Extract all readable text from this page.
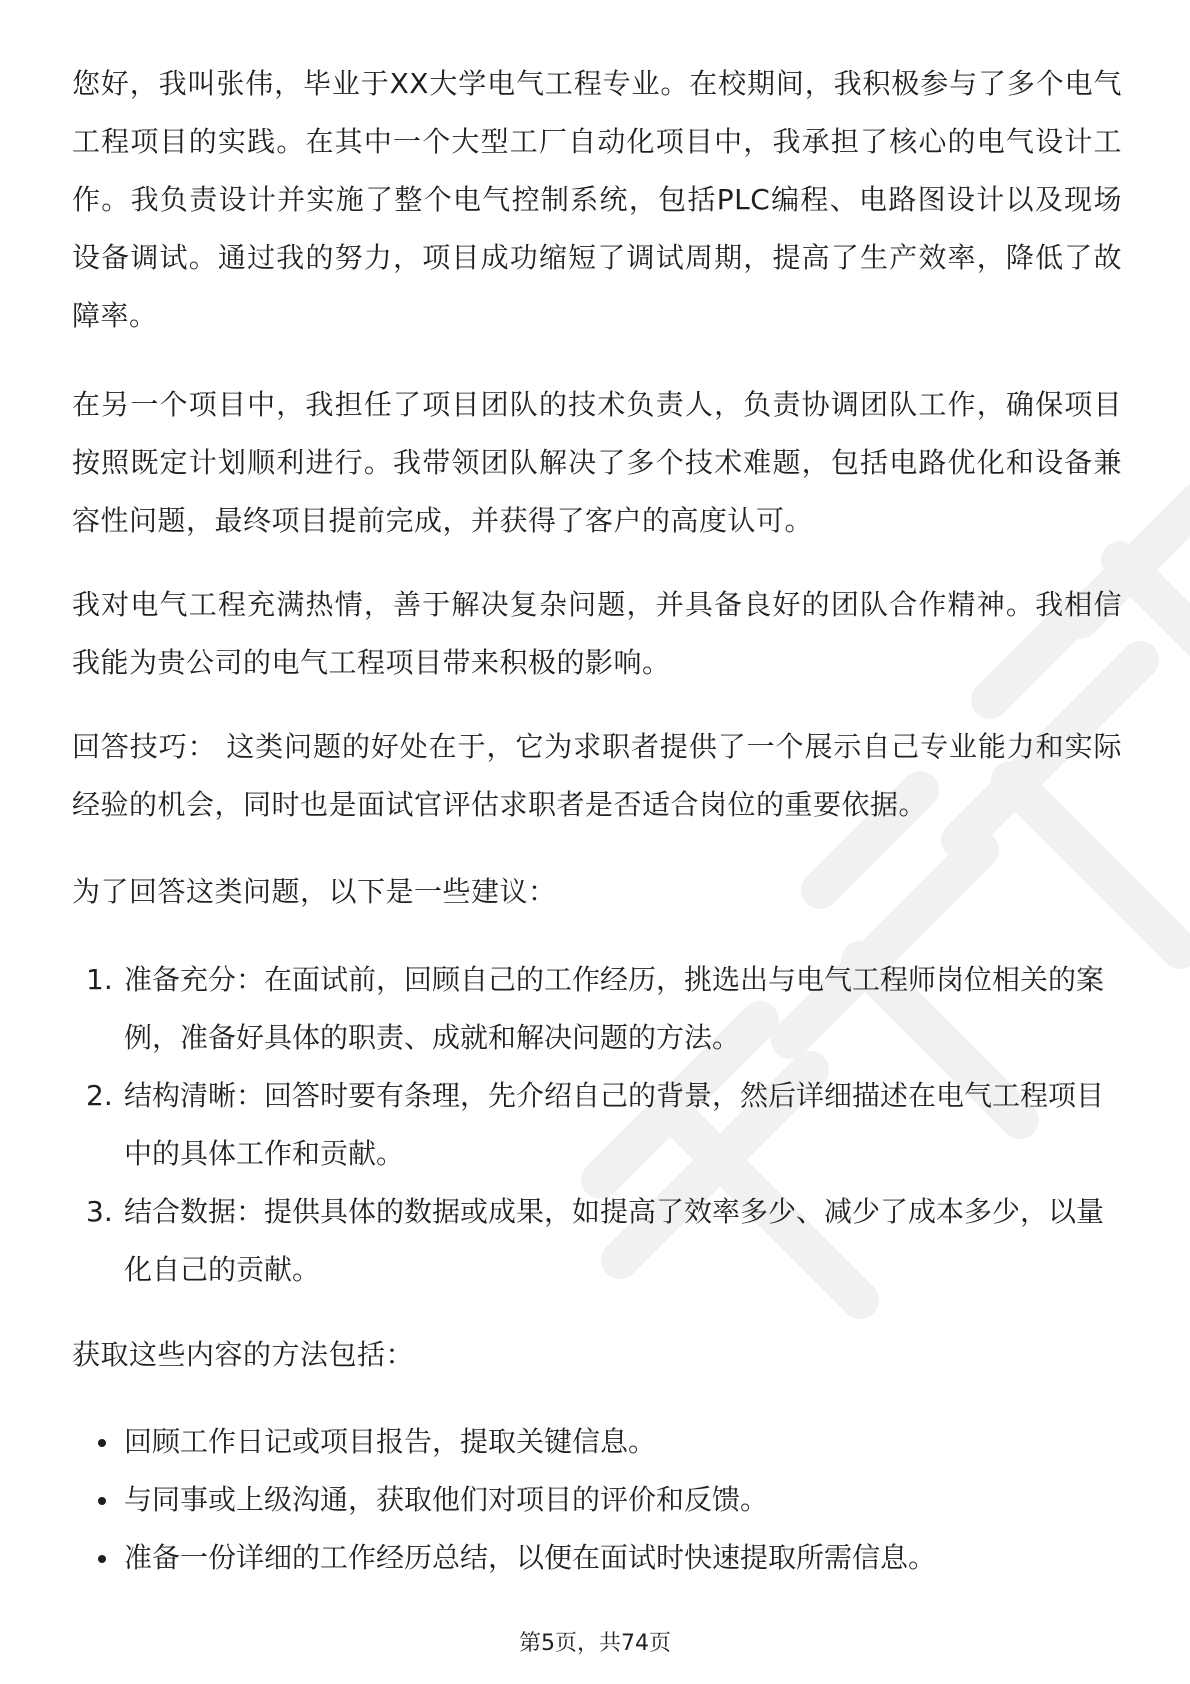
您好，我叫张伟，毕业于XX大学电气工程专业。在校期间，我积极参与了多个电气工程项目的实践。在其中一个大型工厂自动化项目中，我承担了核心的电气设计工作。我负责设计并实施了整个电气控制系统，包括PLC编程、电路图设计以及现场设备调试。通过我的努力，项目成功缩短了调试周期，提高了生产效率，降低了故障率。

在另一个项目中，我担任了项目团队的技术负责人，负责协调团队工作，确保项目按照既定计划顺利进行。我带领团队解决了多个技术难题，包括电路优化和设备兼容性问题，最终项目提前完成，并获得了客户的高度认可。

我对电气工程充满热情，善于解决复杂问题，并具备良好的团队合作精神。我相信我能为贵公司的电气工程项目带来积极的影响。

回答技巧： 这类问题的好处在于，它为求职者提供了一个展示自己专业能力和实际经验的机会，同时也是面试官评估求职者是否适合岗位的重要依据。

为了回答这类问题，以下是一些建议：

1. 准备充分：在面试前，回顾自己的工作经历，挑选出与电气工程师岗位相关的案例，准备好具体的职责、成就和解决问题的方法。
2. 结构清晰：回答时要有条理，先介绍自己的背景，然后详细描述在电气工程项目中的具体工作和贡献。
3. 结合数据：提供具体的数据或成果，如提高了效率多少、减少了成本多少，以量化自己的贡献。

获取这些内容的方法包括：

回顾工作日记或项目报告，提取关键信息。
与同事或上级沟通，获取他们对项目的评价和反馈。
准备一份详细的工作经历总结，以便在面试时快速提取所需信息。
第5页，共74页
